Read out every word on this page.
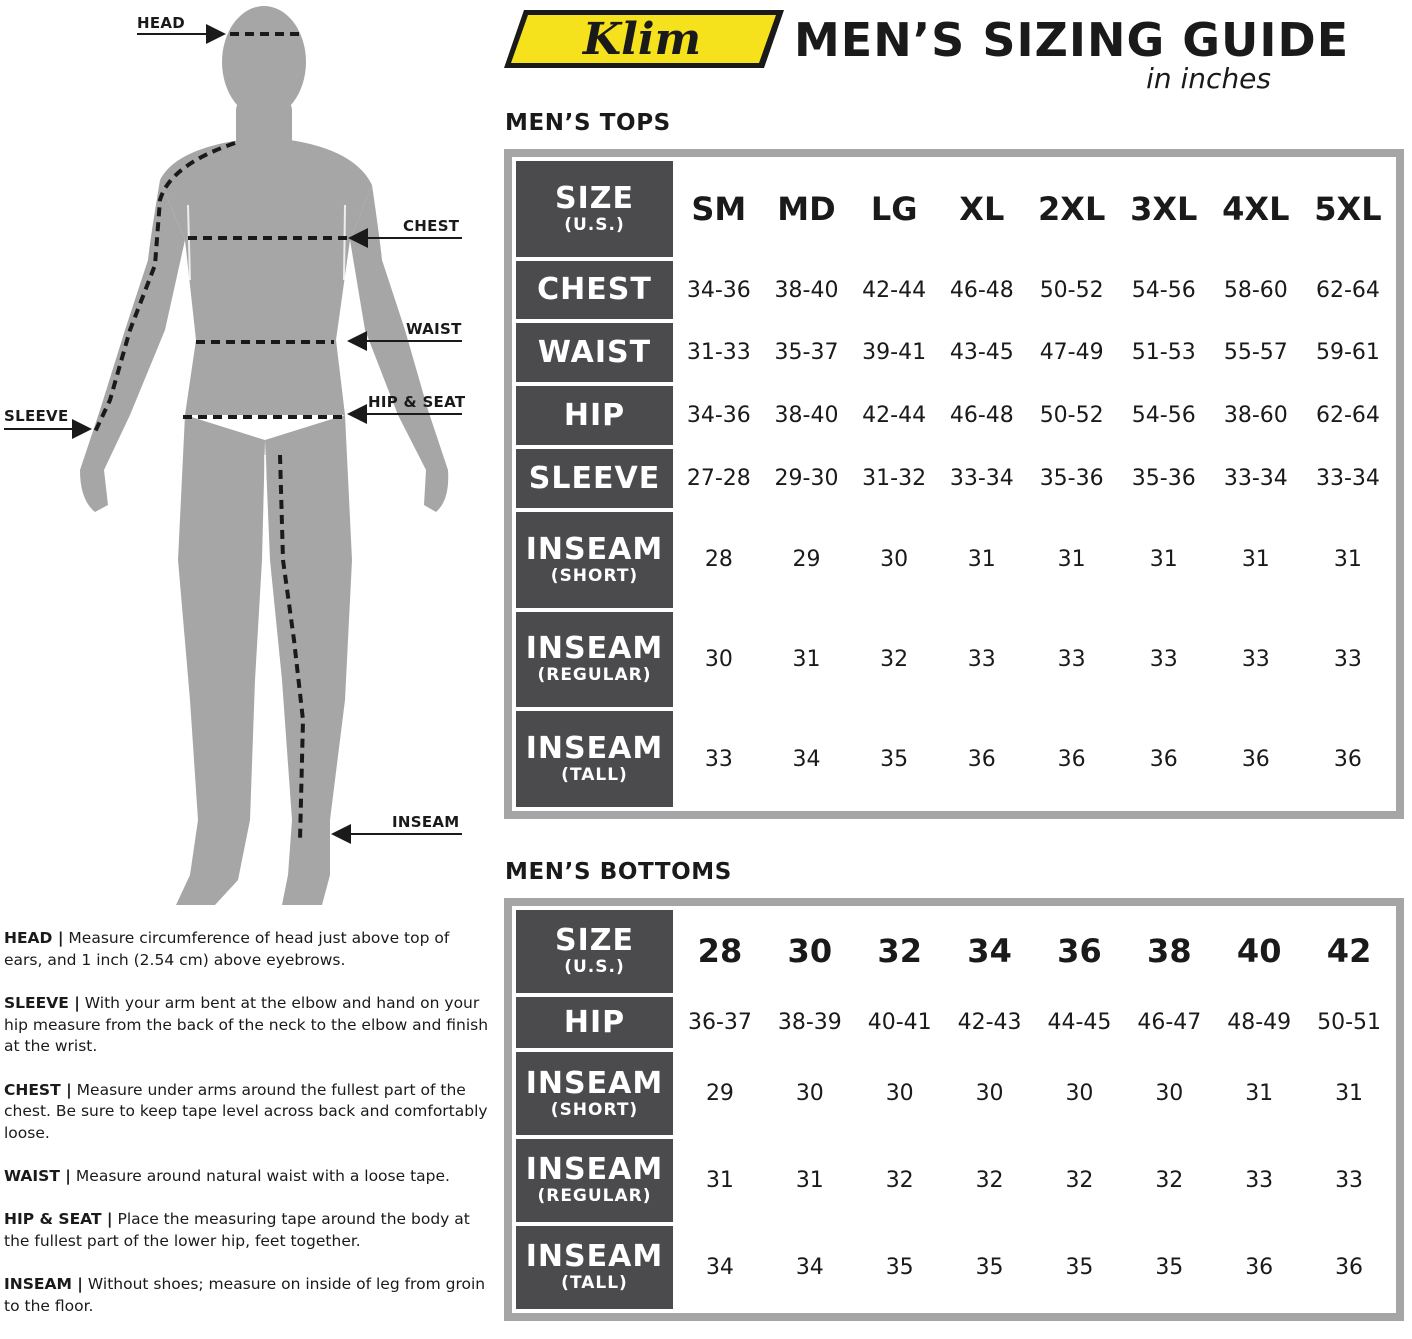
HEAD
CHEST
WAIST
HIP & SEAT
SLEEVE
INSEAM

HEAD | Measure circumference of head just above top of ears, and 1 inch (2.54 cm) above eyebrows.

SLEEVE | With your arm bent at the elbow and hand on your hip measure from the back of the neck to the elbow and finish at the wrist.

CHEST | Measure under arms around the fullest part of the chest. Be sure to keep tape level across back and comfortably loose.

WAIST | Measure around natural waist with a loose tape.

HIP & SEAT | Place the measuring tape around the body at the fullest part of the lower hip, feet together.

INSEAM | Without shoes; measure on inside of leg from groin to the floor.

Klim MEN’S SIZING GUIDE
in inches
MEN’S TOPS
SIZE
(U.S.)	SM	MD	LG	XL	2XL	3XL	4XL	5XL

CHEST	34-36	38-40	42-44	46-48	50-52	54-56	58-60	62-64

WAIST	31-33	35-37	39-41	43-45	47-49	51-53	55-57	59-61

HIP	34-36	38-40	42-44	46-48	50-52	54-56	38-60	62-64

SLEEVE	27-28	29-30	31-32	33-34	35-36	35-36	33-34	33-34

INSEAM
(SHORT)	28	29	30	31	31	31	31	31

INSEAM
(REGULAR)	30	31	32	33	33	33	33	33

INSEAM
(TALL)	33	34	35	36	36	36	36	36
MEN’S BOTTOMS
SIZE
(U.S.)	28	30	32	34	36	38	40	42

HIP	36-37	38-39	40-41	42-43	44-45	46-47	48-49	50-51

INSEAM
(SHORT)	29	30	30	30	30	30	31	31

INSEAM
(REGULAR)	31	31	32	32	32	32	33	33

INSEAM
(TALL)	34	34	35	35	35	35	36	36
